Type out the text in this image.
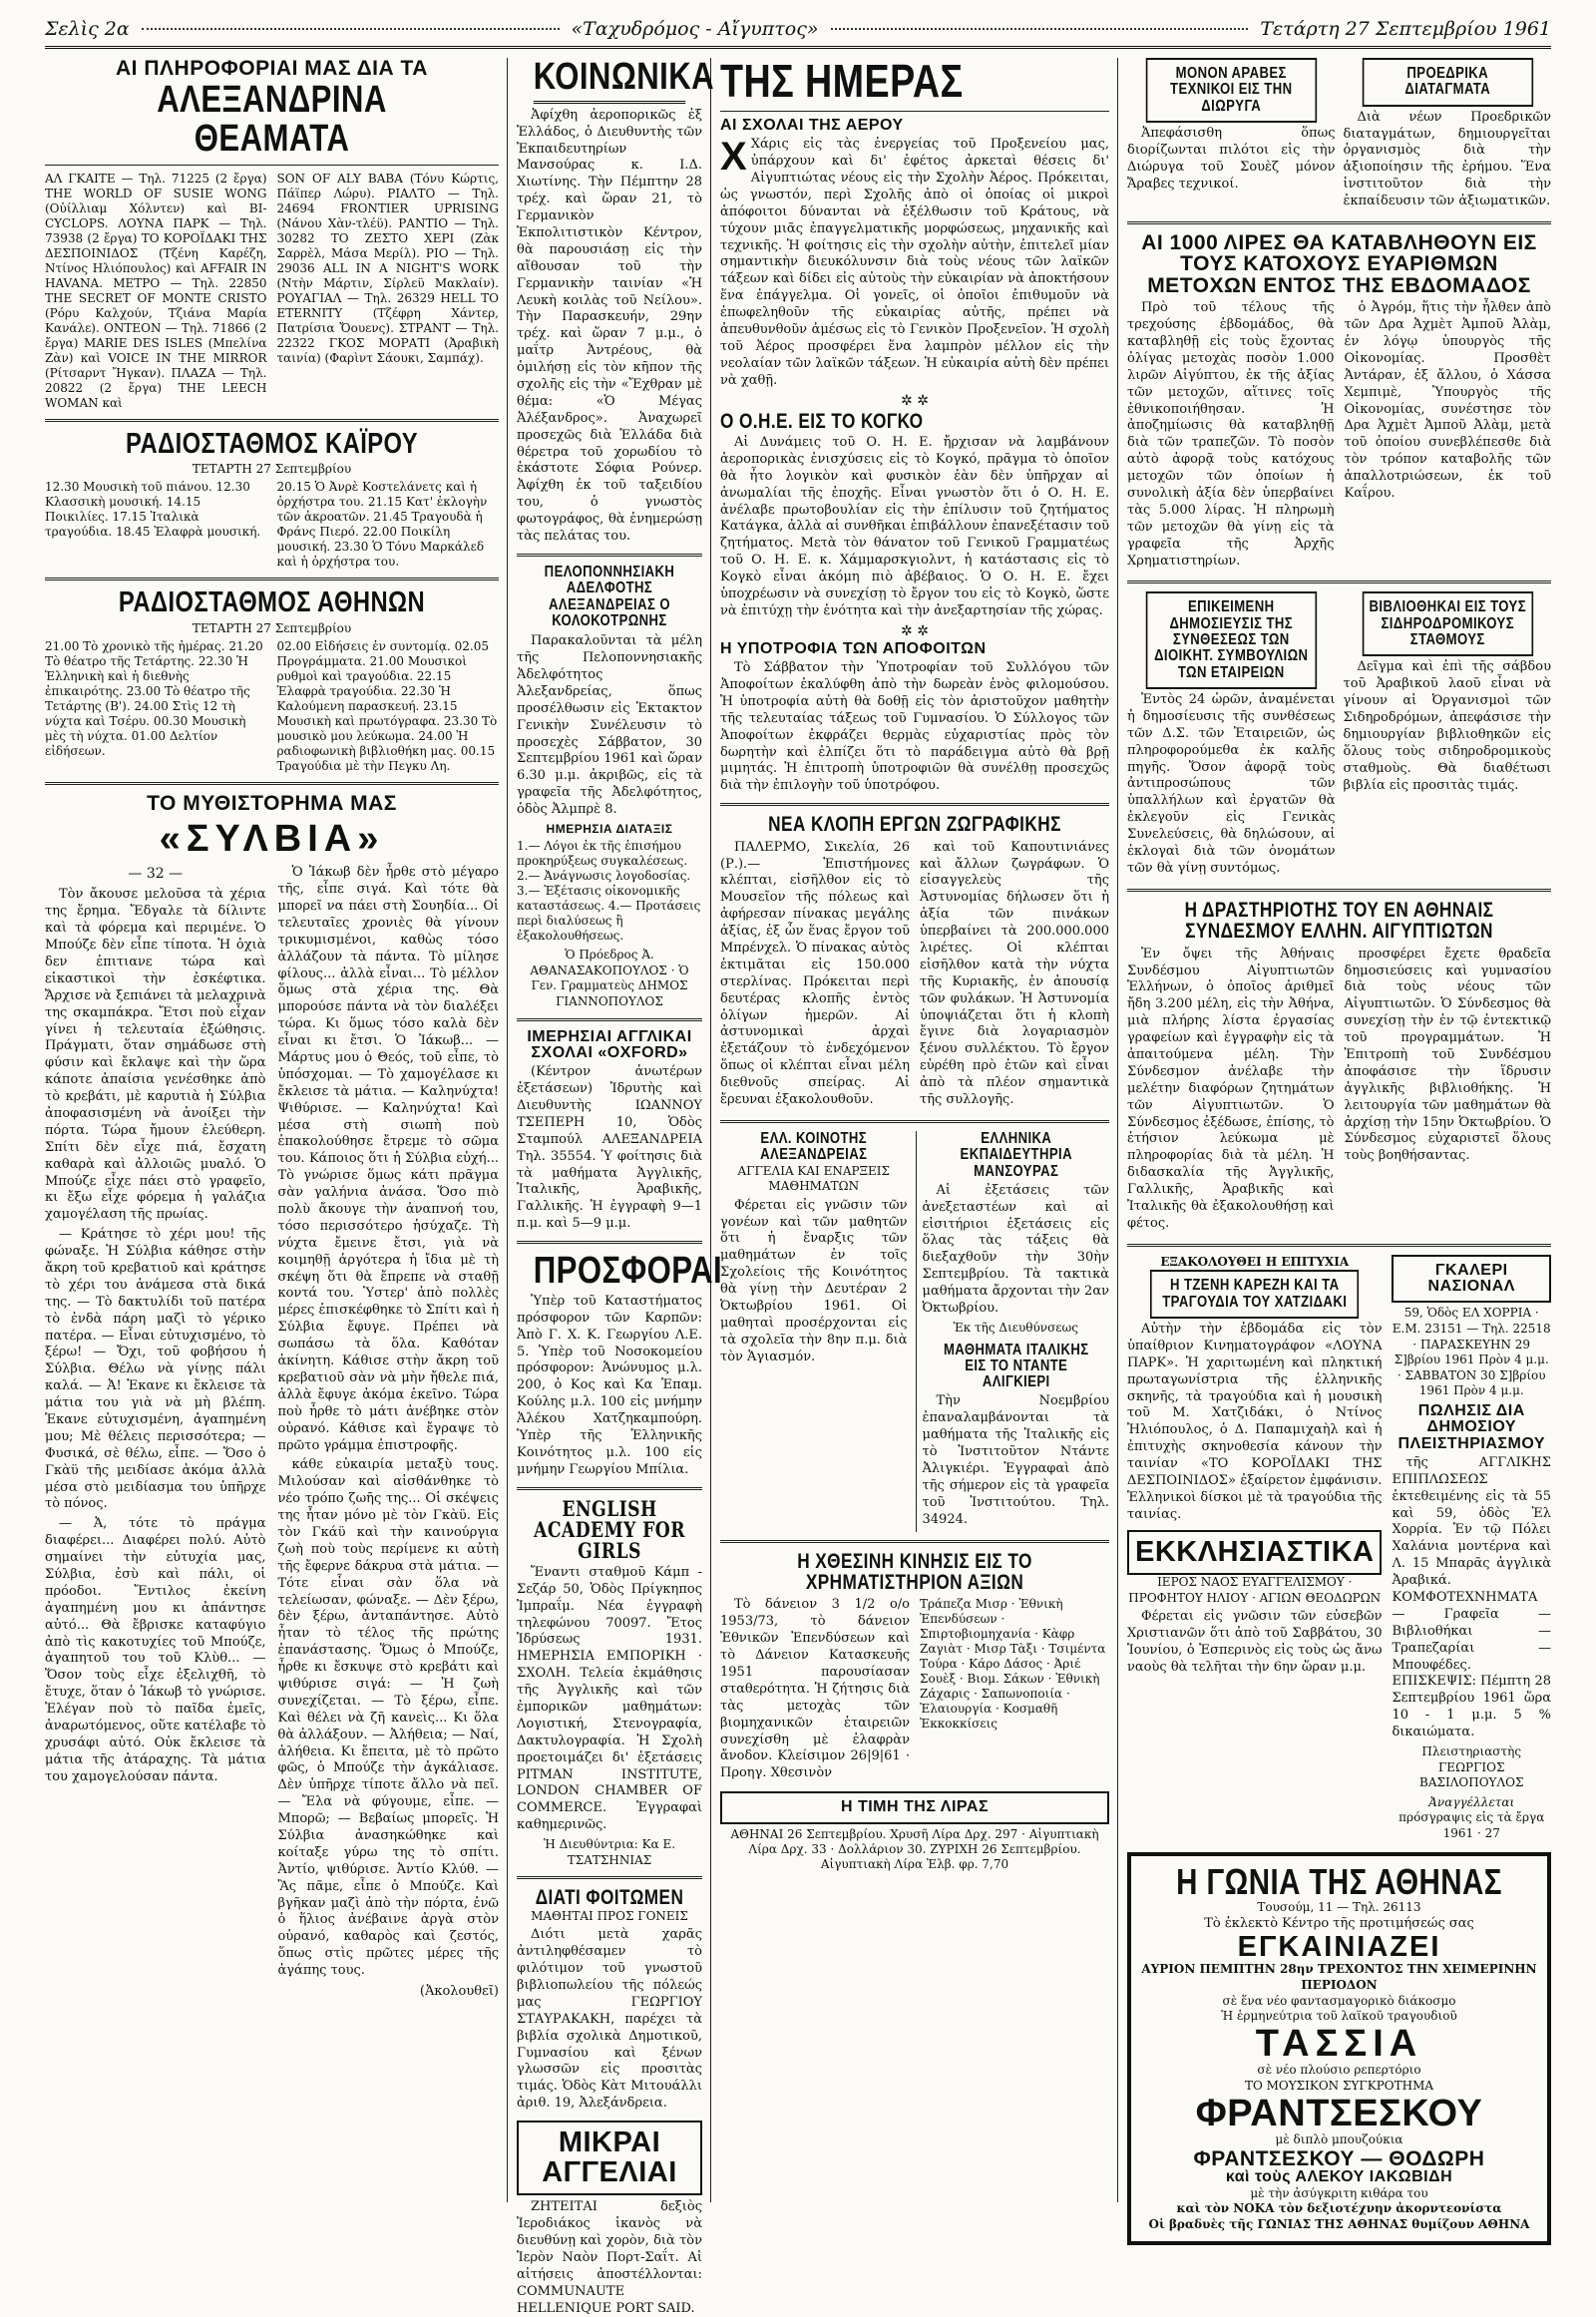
Σελὶς 2α	«Ταχυδρόμος - Αἴγυπτος»	Τετάρτη 27 Σεπτεμβρίου 1961
ΑΙ ΠΛΗΡΟΦΟΡΙΑΙ ΜΑΣ ΔΙΑ ΤΑ
ΑΛΕΞΑΝΔΡΙΝΑ ΘΕΑΜΑΤΑ
ΑΛ ΓΚΑΙΤΕ — Τηλ. 71225 (2 ἔργα) THE WORLD OF SUSIE WONG (Οὐίλλιαμ Χόλντεν) καὶ ΒΙ-CYCLOPS. ΛΟΥΝΑ ΠΑΡΚ — Τηλ. 73938 (2 ἔργα) ΤΟ ΚΟΡΟΪΔΑΚΙ ΤΗΣ ΔΕΣΠΟΙΝΙΔΟΣ (Τζένη Καρέζη, Ντίνος Ηλιόπουλος) καὶ AFFAIR IN HAVANA. ΜΕΤΡΟ — Τηλ. 22850 THE SECRET OF MONTE CRISTO (Ρόρυ Καλχούν, Τζιάνα Μαρία Κανάλε). ΟΝΤΕΟΝ — Τηλ. 71866 (2 ἔργα) MARIE DES ISLES (Μπελίνα Ζὰν) καὶ VOICE IN THE MIRROR (Ρίτσαρντ Ἤγκαν). ΠΛΑΖΑ — Τηλ. 20822 (2 ἔργα) THE LEECH WOMAN καὶ
SON OF ALY BABA (Τόνυ Κώρτις, Πάϊπερ Λώρυ). ΡΙΑΛΤΟ — Τηλ. 24694 FRONTIER UPRISING (Νάνου Χὰν-τλέϋ). ΡΑΝΤΙΟ — Τηλ. 30282 ΤΟ ΖΕΣΤΟ ΧΕΡΙ (Ζὰκ Σαρρὲλ, Μάσα Μερίλ). ΡΙΟ — Τηλ. 29036 ALL IN A NIGHT'S WORK (Ντὴν Μάρτιν, Σίρλεϋ Μακλαίν). ΡΟΥΑΓΙΑΛ — Τηλ. 26329 HELL TO ETERNITY (Τζέφρη Χάντερ, Πατρίσια Ὄουενς). ΣΤΡΑΝΤ — Τηλ. 22322 ΓΚΟΣ ΜΟΡΑΤΙ (Ἀραβικὴ ταινία) (Φαρὶντ Σάουκι, Σαμπάχ).
ΡΑΔΙΟΣΤΑΘΜΟΣ ΚΑΪΡΟΥ
ΤΕΤΑΡΤΗ 27 Σεπτεμβρίου
12.30 Μουσικὴ τοῦ πιάνου. 12.30 Κλασσικὴ μουσική. 14.15 Ποικιλίες. 17.15 Ἰταλικὰ τραγούδια. 18.45 Ἑλαφρὰ μουσική.
20.15 Ὁ Ἀνρὲ Κοστελάνετς καὶ ἡ ὀρχήστρα του. 21.15 Κατ' ἐκλογὴν τῶν ἀκροατῶν. 21.45 Τραγουδὰ ἡ Φράνς Πιερό. 22.00 Ποικίλη μουσική. 23.30 Ὁ Τόνυ Μαρκάλεδ καὶ ἡ ὀρχήστρα του.
ΡΑΔΙΟΣΤΑΘΜΟΣ ΑΘΗΝΩΝ
ΤΕΤΑΡΤΗ 27 Σεπτεμβρίου
21.00 Τὸ χρονικὸ τῆς ἡμέρας. 21.20 Τὸ θέατρο τῆς Τετάρτης. 22.30 Ἡ Ἑλληνικὴ καὶ ἡ διεθνὴς ἐπικαιρότης. 23.00 Τὸ θέατρο τῆς Τετάρτης (Β'). 24.00 Στὶς 12 τὴ νύχτα καὶ Τσέρυ. 00.30 Μουσικὴ μὲς τὴ νύχτα. 01.00 Δελτίον εἰδήσεων.
02.00 Εἰδήσεις ἐν συντομίᾳ. 02.05 Προγράμματα. 21.00 Μουσικοὶ ρυθμοὶ καὶ τραγούδια. 22.15 Ἑλαφρὰ τραγούδια. 22.30 Ἡ Καλούμενη παρασκευή. 23.15 Μουσικὴ καὶ πρωτόγραφα. 23.30 Τὸ μουσικὸ μου λεύκωμα. 24.00 Ἡ ραδιοφωνικὴ βιβλιοθήκη μας. 00.15 Τραγούδια μὲ τὴν Πεγκυ Λη.
ΤΟ ΜΥΘΙΣΤΟΡΗΜΑ ΜΑΣ
«ΣΥΛΒΙΑ»
— 32 —

Τὸν ἄκουσε μελοῦσα τὰ χέρια της ἔρημα. Ἔδγαλε τὰ δίλιντε καὶ τὰ φόρεμα καὶ περιμένε. Ὁ Μπούζε δὲν εἶπε τίποτα. Ἡ ὀχιὰ δεν ἐπιτιανε τώρα καὶ εἰκαστικοὶ τὴν ἐσκέφτικα. Ἄρχισε νὰ ξεπιάνει τὰ μελαχρινὰ της σκαμπάκρα. Ἔτσι ποὺ εἶχαν γίνει ἡ τελευταία ἐξώθησις. Πράγματι, ὅταν σημάδωσε στὴ φύσιν καὶ ἔκλαψε καὶ τὴν ὥρα κάποτε ἀπαίσια γενέσθηκε ἀπὸ τὸ κρεβάτι, μὲ καρυτιὰ ἡ Σύλβια ἀποφασισμένη νὰ ἀνοίξει τὴν πόρτα. Τώρα ἤμουν ἐλεύθερη. Σπίτι δὲν εἶχε πιά, ἔσχατη καθαρὰ καὶ ἀλλοιῶς μυαλό. Ὁ Μπούζε εἶχε πάει στὸ γραφεῖο, κι ἔξω εἶχε φόρεμα ἡ γαλάζια χαμογέλαση τῆς πρωίας.

— Κράτησε τὸ χέρι μου! τῆς φώναξε. Ἡ Σύλβια κάθησε στὴν ἄκρη τοῦ κρεβατιοῦ καὶ κράτησε τὸ χέρι του ἀνάμεσα στὰ δικά της. — Τὸ δακτυλίδι τοῦ πατέρα τὸ ἐνδὰ πάρη μαζὶ τὸ γέρικο πατέρα. — Εἶναι εὐτυχισμένο, τὸ ξέρω! — Ὄχι, τοῦ φοβήσου ἡ Σύλβια. Θέλω νὰ γίνῃς πάλι καλά. — Ἀ! Ἐκανε κι ἔκλεισε τὰ μάτια του γιὰ νὰ μὴ βλέπη. Ἐκανε εὐτυχισμένη, ἀγαπημένη μου; Μὲ θέλεις περισσότερα; — Φυσικά, σὲ θέλω, εἶπε. — Ὅσο ὁ Γκὰϋ τῆς μειδίασε ἀκόμα ἀλλὰ μέσα στὸ μειδίασμα του ὑπῆρχε τὸ πόνος.

— Ἀ, τότε τὸ πράγμα διαφέρει... Διαφέρει πολύ. Αὐτὸ σημαίνει τὴν εὐτυχία μας, Σύλβια, ἐσὺ καὶ πάλι, οἱ πρόοδοι. Ἔντιλος ἐκείνη ἀγαπημένη μου κι ἀπάντησε αὐτό... Θὰ ἔβρισκε καταφύγιο ἀπὸ τὶς κακοτυχίες τοῦ Μπούζε, ἀγαπητοῦ του τοῦ Κλὺθ... — Ὅσον τοὺς εἶχε ἐξελιχθῆ, τὸ ἔτυχε, ὅταν ὁ Ἰάκωβ τὸ γνώρισε. Ἐλέγαν ποὺ τὸ παῖδα ἐμεῖς, ἀναρωτόμενος, οὕτε κατέλαβε τὸ χρυσάφι αὐτό. Οὐκ ἔκλεισε τὰ μάτια τῆς ἀτάραχης. Τὰ μάτια του χαμογελούσαν πάντα.

Ὁ Ἰάκωβ δὲν ἦρθε στὸ μέγαρο τῆς, εἶπε σιγά. Καὶ τότε θὰ μπορεῖ να πάει στὴ Σουηδία... Οἱ τελευταῖες χρονιὲς θὰ γίνουν τρικυμισμένοι, καθὼς τόσο ἀλλάζουν τὰ πάντα. Τὸ μίλησε φίλους... ἀλλὰ εἶναι... Τὸ μέλλον ὅμως στὰ χέρια της. Θὰ μπορούσε πάντα νὰ τὸν διαλέξει τώρα. Κι ὅμως τόσο καλὰ δὲν εἶναι κι ἔτσι. Ὁ Ἰάκωβ... — Μάρτυς μου ὁ Θεός, τοῦ εἶπε, τὸ ὑπόσχομαι. — Τὸ χαμογέλασε κι ἔκλεισε τὰ μάτια. — Καληνύχτα! Ψιθύρισε. — Καληνύχτα! Καὶ μέσα στὴ σιωπὴ ποὺ ἐπακολούθησε ἔτρεμε τὸ σῶμα του. Κάποιος ὅτι ἡ Σύλβια εὐχή... Τὸ γνώρισε ὅμως κάτι πρᾶγμα σὰν γαλήνια ἀνάσα. Ὅσο πιὸ πολὺ ἄκουγε τὴν ἀναπνοή του, τόσο περισσότερο ἡσύχαζε. Τὴ νύχτα ἔμεινε ἔτσι, γιὰ νὰ κοιμηθῇ ἀργότερα ἡ ἴδια μὲ τὴ σκέψη ὅτι θὰ ἔπρεπε νὰ σταθῇ κοντά του. Ὑστερ' ἀπὸ πολλὲς μέρες ἐπισκέφθηκε τὸ Σπίτι καὶ ἡ Σύλβια ἔφυγε. Πρέπει νὰ σωπάσω τὰ ὅλα. Καθόταν ἀκίνητη. Κάθισε στὴν ἄκρη τοῦ κρεβατιοῦ σὰν νὰ μὴν ἤθελε πιά, ἀλλὰ ἔφυγε ἀκόμα ἐκεῖνο. Τώρα ποὺ ἦρθε τὸ μάτι ἀνέβηκε στὸν οὐρανό. Κάθισε καὶ ἔγραψε τὸ πρῶτο γράμμα ἐπιστροφῆς.

κάθε εὐκαιρία μεταξὺ τους. Μιλούσαν καὶ αἰσθάνθηκε τὸ νέο τρόπο ζωῆς της... Οἱ σκέψεις της ἦταν μόνο μὲ τὸν Γκὰϋ. Εἰς τὸν Γκάϋ καὶ τὴν καινούργια ζωὴ ποὺ τοὺς περίμενε κι αὐτὴ τῆς ἔφερνε δάκρυα στὰ μάτια. — Τότε εἶναι σὰν ὅλα νὰ τελείωσαν, φώναξε. — Δὲν ξέρω, δὲν ξέρω, ἀνταπάντησε. Αὐτὸ ἦταν τὸ τέλος τῆς πρώτης ἐπανάστασης. Ὅμως ὁ Μπούζε, ἦρθε κι ἔσκυψε στὸ κρεβάτι καὶ ψιθύρισε σιγά: — Ἡ ζωὴ συνεχίζεται. — Τὸ ξέρω, εἶπε. Καὶ θέλει νὰ ζῆ κανεὶς... Κι ὅλα θὰ ἀλλάξουν. — Ἀλήθεια; — Ναί, ἀλήθεια. Κι ἔπειτα, μὲ τὸ πρῶτο φῶς, ὁ Μπούζε τὴν ἀγκάλιασε. Δὲν ὑπῆρχε τίποτε ἄλλο νὰ πεῖ. — Ἔλα νὰ φύγουμε, εἶπε. — Μπορῶ; — Βεβαίως μπορεῖς. Ἡ Σύλβια ἀνασηκώθηκε καὶ κοίταξε γύρω της τὸ σπίτι. Ἀντίο, ψιθύρισε. Ἀντίο Κλύθ. — Ἂς πᾶμε, εἶπε ὁ Μπούζε. Καὶ βγῆκαν μαζὶ ἀπὸ τὴν πόρτα, ἐνῶ ὁ ἥλιος ἀνέβαινε ἀργὰ στὸν οὐρανό, καθαρὸς καὶ ζεστός, ὅπως στὶς πρῶτες μέρες τῆς ἀγάπης τους.

(Ἀκολουθεῖ)
ΚΟΙΝΩΝΙΚΑ

Ἀφίχθη ἀεροπορικῶς ἐξ Ἑλλάδος, ὁ Διευθυντὴς τῶν Ἐκπαιδευτηρίων Μανσούρας κ. Ι.Δ. Χιωτίνης. Τὴν Πέμπτην 28 τρέχ. καὶ ὥραν 21, τὸ Γερμανικὸν Ἐκπολιτιστικὸν Κέντρον, θὰ παρουσιάσῃ εἰς τὴν αἴθουσαν τοῦ τὴν Γερμανικὴν ταινίαν «Ἡ Λευκὴ κοιλὰς τοῦ Νείλου». Τὴν Παρασκευήν, 29ην τρέχ. καὶ ὥραν 7 μ.μ., ὁ μαΐτρ Ἀντρέους, θὰ ὁμιλήσῃ εἰς τὸν κῆπον τῆς σχολῆς εἰς τὴν «Ἔχθραν μὲ θέμα: «Ὁ Μέγας Ἀλέξανδρος». Ἀναχωρεῖ προσεχῶς διὰ Ἑλλάδα διὰ θέρετρα τοῦ χορωδίου τὸ ἑκάστοτε Σόφια Ρούνερ. Ἀφίχθη ἐκ τοῦ ταξειδίου του, ὁ γνωστὸς φωτογράφος, θὰ ἐνημερώσῃ τὰς πελάτας του.

ΠΕΛΟΠΟΝΝΗΣΙΑΚΗ ΑΔΕΛΦΟΤΗΣ ΑΛΕΞΑΝΔΡΕΙΑΣ Ο ΚΟΛΟΚΟΤΡΩΝΗΣ

Παρακαλοῦνται τὰ μέλη τῆς Πελοποννησιακῆς Ἀδελφότητος Ἀλεξανδρείας, ὅπως προσέλθωσιν εἰς Ἐκτακτον Γενικὴν Συνέλευσιν τὸ προσεχὲς Σάββατον, 30 Σεπτεμβρίου 1961 καὶ ὥραν 6.30 μ.μ. ἀκριβῶς, εἰς τὰ γραφεῖα τῆς Ἀδελφότητος, ὁδὸς Ἀλμπρὲ 8.

ΗΜΕΡΗΣΙΑ ΔΙΑΤΑΞΙΣ
1.— Λόγοι ἐκ τῆς ἐπισήμου προκηρύξεως συγκαλέσεως. 2.— Ἀνάγνωσις λογοδοσίας. 3.— Ἐξέτασις οἰκονομικῆς καταστάσεως. 4.— Προτάσεις περὶ διαλύσεως ἢ ἐξακολουθήσεως.
Ὁ Πρόεδρος Ἀ. ΑΘΑΝΑΣΑΚΟΠΟΥΛΟΣ · Ὁ Γεν. Γραμματεὺς ΔΗΜΟΣ ΓΙΑΝΝΟΠΟΥΛΟΣ
ΙΜΕΡΗΣΙΑΙ ΑΓΓΛΙΚΑΙ ΣΧΟΛΑΙ «OXFORD»

(Κέντρον ἀνωτέρων ἐξετάσεων) Ἰδρυτὴς καὶ Διευθυντὴς ΙΩΑΝΝΟΥ ΤΣΕΠΕΡΗ 10, Ὁδὸς Σταμπούλ ΑΛΕΞΑΝΔΡΕΙΑ Τηλ. 35554. Ὑ φοίτησις διὰ τὰ μαθήματα Ἀγγλικῆς, Ἰταλικῆς, Ἀραβικῆς, Γαλλικῆς. Ἡ ἐγγραφὴ 9—1 π.μ. καὶ 5—9 μ.μ.

ΠΡΟΣΦΟΡΑΙ

Ὑπὲρ τοῦ Καταστήματος πρόσφορον τῶν Καρπῶν: Ἀπὸ Γ. Χ. Κ. Γεωργίου Λ.Ε. 5. Ὑπὲρ τοῦ Νοσοκομείου πρόσφορον: Ἀνώνυμος μ.λ. 200, ὁ Κος καὶ Κα Ἐπαμ. Κούλης μ.λ. 100 εἰς μνήμην Ἀλέκου Χατζηκαμπούρη. Ὑπὲρ τῆς Ἑλληνικῆς Κοινότητος μ.λ. 100 εἰς μνήμην Γεωργίου Μπίλια.

ENGLISH ACADEMY FOR GIRLS

Ἔναντι σταθμοῦ Κάμπ - Σεζάρ 50, Ὁδὸς Πρίγκηπος Ἰμπραΐμ. Νέα ἐγγραφὴ τηλεφώνου 70097. Ἔτος Ἱδρύσεως 1931. ΗΜΕΡΗΣΙΑ ΕΜΠΟΡΙΚΗ · ΣΧΟΛΗ. Τελεία ἐκμάθησις τῆς Ἀγγλικῆς καὶ τῶν ἐμπορικῶν μαθημάτων: Λογιστική, Στενογραφία, Δακτυλογραφία. Ἡ Σχολὴ προετοιμάζει δι' ἐξετάσεις PITMAN INSTITUTE, LONDON CHAMBER OF COMMERCE. Ἐγγραφαὶ καθημερινῶς.

Ἡ Διευθύντρια: Κα Ε. ΤΣΑΤΣΗΝΙΑΣ
ΔΙΑΤΙ ΦΟΙΤΩΜΕΝ
ΜΑΘΗΤΑΙ ΠΡΟΣ ΓΟΝΕΙΣ

Διότι μετὰ χαρᾶς ἀντιληφθέσαμεν τὸ φιλότιμον τοῦ γνωστοῦ βιβλιοπωλείου τῆς πόλεώς μας ΓΕΩΡΓΙΟΥ ΣΤΑΥΡΑΚΑΚΗ, παρέχει τὰ βιβλία σχολικὰ Δημοτικοῦ, Γυμνασίου καὶ ξένων γλωσσῶν εἰς προσιτὰς τιμάς. Ὁδὸς Κὰτ Μιτουάλλι ἀριθ. 19, Ἀλεξάνδρεια.

ΜΙΚΡΑΙ ΑΓΓΕΛΙΑΙ

ΖΗΤΕΙΤΑΙ δεξιὸς Ἱεροδιάκος ἱκανὸς νὰ διευθύνῃ καὶ χορὸν, διὰ τὸν Ἱερὸν Ναὸν Πορτ-Σαΐτ. Αἱ αἰτήσεις ἀποστέλλονται: COMMUNAUTE HELLENIQUE PORT SAID.

ΤΗΣ ΗΜΕΡΑΣ
ΑΙ ΣΧΟΛΑΙ ΤΗΣ ΑΕΡΟΥ
Χ Χάρις εἰς τὰς ἐνεργείας τοῦ Προξενείου μας, ὑπάρχουν καὶ δι' ἐφέτος ἀρκεταὶ θέσεις δι' Αἰγυπτιώτας νέους εἰς τὴν Σχολὴν Ἀέρος. Πρόκειται, ὡς γνωστόν, περὶ Σχολῆς ἀπὸ οἱ ὁποίας οἱ μικροὶ ἀπόφοιτοι δύνανται νὰ ἐξέλθωσιν τοῦ Κράτους, νὰ τύχουν μιᾶς ἐπαγγελματικῆς μορφώσεως, μηχανικῆς καὶ τεχνικῆς. Ἡ φοίτησις εἰς τὴν σχολὴν αὐτὴν, ἐπιτελεῖ μίαν σημαντικὴν διευκόλυνσιν διὰ τοὺς νέους τῶν λαϊκῶν τάξεων καὶ δίδει εἰς αὐτοὺς τὴν εὐκαιρίαν νὰ ἀποκτήσουν ἕνα ἐπάγγελμα. Οἱ γονεῖς, οἱ ὁποῖοι ἐπιθυμοῦν νὰ ἐπωφεληθοῦν τῆς εὐκαιρίας αὐτῆς, πρέπει νὰ ἀπευθυνθοῦν ἀμέσως εἰς τὸ Γενικὸν Προξενεῖον. Ἡ σχολὴ τοῦ Ἀέρος προσφέρει ἕνα λαμπρὸν μέλλον εἰς τὴν νεολαίαν τῶν λαϊκῶν τάξεων. Ἡ εὐκαιρία αὐτὴ δὲν πρέπει νὰ χαθῇ.

✲ ✲
Ο Ο.Η.Ε. ΕΙΣ ΤΟ ΚΟΓΚΟ

Αἱ Δυνάμεις τοῦ Ο. Η. Ε. ἤρχισαν νὰ λαμβάνουν ἀεροπορικὰς ἐνισχύσεις εἰς τὸ Κογκό, πρᾶγμα τὸ ὁποῖον θὰ ἦτο λογικὸν καὶ φυσικὸν ἐὰν δὲν ὑπῆρχαν αἱ ἀνωμαλίαι τῆς ἐποχῆς. Εἶναι γνωστὸν ὅτι ὁ Ο. Η. Ε. ἀνέλαβε πρωτοβουλίαν εἰς τὴν ἐπίλυσιν τοῦ ζητήματος Κατάγκα, ἀλλὰ αἱ συνθῆκαι ἐπιβάλλουν ἐπανεξέτασιν τοῦ ζητήματος. Μετὰ τὸν θάνατον τοῦ Γενικοῦ Γραμματέως τοῦ Ο. Η. Ε. κ. Χάμμαρσκγιολντ, ἡ κατάστασις εἰς τὸ Κογκὸ εἶναι ἀκόμη πιὸ ἀβέβαιος. Ὁ Ο. Η. Ε. ἔχει ὑποχρέωσιν νὰ συνεχίσῃ τὸ ἔργον του εἰς τὸ Κογκὸ, ὥστε νὰ ἐπιτύχῃ τὴν ἑνότητα καὶ τὴν ἀνεξαρτησίαν τῆς χώρας.

✲ ✲
Η ΥΠΟΤΡΟΦΙΑ ΤΩΝ ΑΠΟΦΟΙΤΩΝ

Τὸ Σάββατον τὴν Ὑποτροφίαν τοῦ Συλλόγου τῶν Ἀποφοίτων ἐκαλύφθη ἀπὸ τὴν δωρεὰν ἑνὸς φιλομούσου. Ἡ ὑποτροφία αὐτὴ θὰ δοθῇ εἰς τὸν ἀριστοῦχον μαθητὴν τῆς τελευταίας τάξεως τοῦ Γυμνασίου. Ὁ Σύλλογος τῶν Ἀποφοίτων ἐκφράζει θερμὰς εὐχαριστίας πρὸς τὸν δωρητὴν καὶ ἐλπίζει ὅτι τὸ παράδειγμα αὐτὸ θὰ βρῇ μιμητάς. Ἡ ἐπιτροπὴ ὑποτροφιῶν θὰ συνέλθῃ προσεχῶς διὰ τὴν ἐπιλογὴν τοῦ ὑποτρόφου.

ΝΕΑ ΚΛΟΠΗ ΕΡΓΩΝ ΖΩΓΡΑΦΙΚΗΣ

ΠΑΛΕΡΜΟ, Σικελία, 26 (Ρ.).— Ἐπιστήμονες κλέπται, εἰσῆλθον εἰς τὸ Μουσεῖον τῆς πόλεως καὶ ἀφήρεσαν πίνακας μεγάλης ἀξίας, ἐξ ὧν ἕνας ἔργον τοῦ Μπρένχελ. Ὁ πίνακας αὐτὸς ἐκτιμᾶται εἰς 150.000 στερλίνας. Πρόκειται περὶ δευτέρας κλοπῆς ἐντὸς ὀλίγων ἡμερῶν. Αἱ ἀστυνομικαὶ ἀρχαὶ ἐξετάζουν τὸ ἐνδεχόμενον ὅπως οἱ κλέπται εἶναι μέλη διεθνοῦς σπείρας. Αἱ ἔρευναι ἐξακολουθοῦν.

καὶ τοῦ Καπουτινιάνες καὶ ἄλλων ζωγράφων. Ὁ εἰσαγγελεὺς τῆς Ἀστυνομίας δήλωσεν ὅτι ἡ ἀξία τῶν πινάκων ὑπερβαίνει τὰ 200.000.000 λιρέτες. Οἱ κλέπται εἰσῆλθον κατὰ τὴν νύχτα τῆς Κυριακῆς, ἐν ἀπουσίᾳ τῶν φυλάκων. Ἡ Ἀστυνομία ὑποψιάζεται ὅτι ἡ κλοπὴ ἔγινε διὰ λογαριασμὸν ξένου συλλέκτου. Τὸ ἔργον εὑρέθη πρὸ ἐτῶν καὶ εἶναι ἀπὸ τὰ πλέον σημαντικὰ τῆς συλλογῆς.

ΕΛΛ. ΚΟΙΝΟΤΗΣ ΑΛΕΞΑΝΔΡΕΙΑΣ
ΑΓΓΕΛΙΑ ΚΑΙ ΕΝΑΡΞΕΙΣ ΜΑΘΗΜΑΤΩΝ

Φέρεται εἰς γνῶσιν τῶν γονέων καὶ τῶν μαθητῶν ὅτι ἡ ἔναρξις τῶν μαθημάτων ἐν τοῖς Σχολείοις τῆς Κοινότητος θὰ γίνῃ τὴν Δευτέραν 2 Ὀκτωβρίου 1961. Οἱ μαθηταὶ προσέρχονται εἰς τὰ σχολεῖα τὴν 8ην π.μ. διὰ τὸν Ἁγιασμόν.

ΕΛΛΗΝΙΚΑ ΕΚΠΑΙΔΕΥΤΗΡΙΑ ΜΑΝΣΟΥΡΑΣ

Αἱ ἐξετάσεις τῶν ἀνεξεταστέων καὶ αἱ εἰσιτήριοι ἐξετάσεις εἰς ὅλας τὰς τάξεις θὰ διεξαχθοῦν τὴν 30ὴν Σεπτεμβρίου. Τὰ τακτικὰ μαθήματα ἄρχονται τὴν 2αν Ὀκτωβρίου.

Ἐκ τῆς Διευθύνσεως
ΜΑΘΗΜΑΤΑ ΙΤΑΛΙΚΗΣ ΕΙΣ ΤΟ ΝΤΑΝΤΕ ΑΛΙΓΚΙΕΡΙ

Τὴν Νοεμβρίου ἐπαναλαμβάνονται τὰ μαθήματα τῆς Ἰταλικῆς εἰς τὸ Ἰνστιτοῦτον Ντάντε Ἀλιγκιέρι. Ἐγγραφαὶ ἀπὸ τῆς σήμερον εἰς τὰ γραφεῖα τοῦ Ἰνστιτούτου. Τηλ. 34924.

Η ΧΘΕΣΙΝΗ ΚΙΝΗΣΙΣ ΕΙΣ ΤΟ ΧΡΗΜΑΤΙΣΤΗΡΙΟΝ ΑΞΙΩΝ

Τὸ δάνειον 3 1/2 ο/ο 1953/73, τὸ δάνειον Ἐθνικῶν Ἐπενδύσεων καὶ τὸ Δάνειον Κατασκευῆς 1951 παρουσίασαν σταθερότητα. Ἡ ζήτησις διὰ τὰς μετοχὰς τῶν βιομηχανικῶν ἑταιρειῶν συνεχίσθη μὲ ἐλαφρὰν ἄνοδον. Κλείσιμον 26|9|61 · Προηγ. Χθεσινὸν

Τράπεζα Μισρ · Ἐθνικὴ Ἐπενδύσεων · Σπιρτοβιομηχανία · Κὰφρ Ζαγιὰτ · Μισρ Τὰξι · Τσιμέντα Τούρα · Κάρο Δάσος · Ἀριέ Σουὲξ · Βιομ. Σάκων · Ἐθνικὴ Ζάχαρις · Σαπωνοποιία · Ἐλαιουργία · Κοσμαθῆ Ἐκκοκκίσεις
Η ΤΙΜΗ ΤΗΣ ΛΙΡΑΣ
ΑΘΗΝΑΙ 26 Σεπτεμβρίου. Χρυσῆ Λίρα Δρχ. 297 · Αἰγυπτιακὴ Λίρα Δρχ. 33 · Δολλάριον 30. ΖΥΡΙΧΗ 26 Σεπτεμβρίου. Αἰγυπτιακὴ Λίρα Ἐλβ. φρ. 7,70
ΜΟΝΟΝ ΑΡΑΒΕΣ ΤΕΧΝΙΚΟΙ ΕΙΣ ΤΗΝ ΔΙΩΡΥΓΑ

Ἀπεφάσισθη ὅπως διορίζωνται πιλότοι εἰς τὴν Διώρυγα τοῦ Σουὲζ μόνον Ἄραβες τεχνικοί.

ΠΡΟΕΔΡΙΚΑ ΔΙΑΤΑΓΜΑΤΑ

Διὰ νέων Προεδρικῶν διαταγμάτων, δημιουργεῖται ὀργανισμὸς διὰ τὴν ἀξιοποίησιν τῆς ἐρήμου. Ἕνα ἰνστιτοῦτον διὰ τὴν ἐκπαίδευσιν τῶν ἀξιωματικῶν.

ΑΙ 1000 ΛΙΡΕΣ ΘΑ ΚΑΤΑΒΛΗΘΟΥΝ ΕΙΣ ΤΟΥΣ ΚΑΤΟΧΟΥΣ ΕΥΑΡΙΘΜΩΝ ΜΕΤΟΧΩΝ ΕΝΤΟΣ ΤΗΣ ΕΒΔΟΜΑΔΟΣ

Πρὸ τοῦ τέλους τῆς τρεχούσης ἑβδομάδος, θὰ καταβληθῇ εἰς τοὺς ἔχοντας ὀλίγας μετοχὰς ποσὸν 1.000 λιρῶν Αἰγύπτου, ἐκ τῆς ἀξίας τῶν μετοχῶν, αἵτινες τοῖς ἐθνικοποιήθησαν. Ἡ ἀποζημίωσις θὰ καταβληθῇ διὰ τῶν τραπεζῶν. Τὸ ποσὸν αὐτὸ ἀφορᾷ τοὺς κατόχους μετοχῶν τῶν ὁποίων ἡ συνολικὴ ἀξία δὲν ὑπερβαίνει τὰς 5.000 λίρας. Ἡ πληρωμὴ τῶν μετοχῶν θὰ γίνῃ εἰς τὰ γραφεῖα τῆς Ἀρχῆς Χρηματιστηρίων.

ὁ Ἀγρόμ, ἥτις τὴν ἦλθεν ἀπὸ τῶν Δρα Ἀχμὲτ Ἀμποῦ Ἀλὰμ, ἐν λόγῳ ὑπουργὸς τῆς Οἰκονομίας. Προσθὲτ Ἀντάραν, ἐξ ἄλλου, ὁ Χάσσα Χεμπιμὲ, Ὑπουργὸς τῆς Οἰκονομίας, συνέστησε τὸν Δρα Ἀχμὲτ Ἀμποῦ Ἀλὰμ, μετὰ τοῦ ὁποίου συνεβλέπεσθε διὰ τὸν τρόπον καταβολῆς τῶν ἀπαλλοτριώσεων, ἐκ τοῦ Καΐρου.

ΕΠΙΚΕΙΜΕΝΗ ΔΗΜΟΣΙΕΥΣΙΣ ΤΗΣ ΣΥΝΘΕΣΕΩΣ ΤΩΝ ΔΙΟΙΚΗΤ. ΣΥΜΒΟΥΛΙΩΝ ΤΩΝ ΕΤΑΙΡΕΙΩΝ

Ἐντὸς 24 ὡρῶν, ἀναμένεται ἡ δημοσίευσις τῆς συνθέσεως τῶν Δ.Σ. τῶν Ἑταιρειῶν, ὡς πληροφορούμεθα ἐκ καλῆς πηγῆς. Ὅσον ἀφορᾷ τοὺς ἀντιπροσώπους τῶν ὑπαλλήλων καὶ ἐργατῶν θὰ ἐκλεγοῦν εἰς Γενικὰς Συνελεύσεις, θὰ δηλώσουν, αἱ ἐκλογαὶ διὰ τῶν ὀνομάτων τῶν θὰ γίνῃ συντόμως.

ΒΙΒΛΙΟΘΗΚΑΙ ΕΙΣ ΤΟΥΣ ΣΙΔΗΡΟΔΡΟΜΙΚΟΥΣ ΣΤΑΘΜΟΥΣ

Δεῖγμα καὶ ἐπὶ τῆς σάβδου τοῦ Ἀραβικοῦ λαοῦ εἶναι νὰ γίνουν αἱ Ὀργανισμοὶ τῶν Σιδηροδρόμων, ἀπεφάσισε τὴν δημιουργίαν βιβλιοθηκῶν εἰς ὅλους τοὺς σιδηροδρομικοὺς σταθμοὺς. Θὰ διαθέτωσι βιβλία εἰς προσιτὰς τιμάς.

Η ΔΡΑΣΤΗΡΙΟΤΗΣ ΤΟΥ ΕΝ ΑΘΗΝΑΙΣ ΣΥΝΔΕΣΜΟΥ ΕΛΛΗΝ. ΑΙΓΥΠΤΙΩΤΩΝ

Ἐν ὄψει τῆς Ἀθήναις Συνδέσμου Αἰγυπτιωτῶν Ἑλλήνων, ὁ ὁποῖος ἀριθμεῖ ἤδη 3.200 μέλη, εἰς τὴν Ἀθήνα, μιὰ πλήρης λίστα ἐργασίας γραφείων καὶ ἐγγραφὴν εἰς τὰ ἀπαιτούμενα μέλη. Τὴν Σύνδεσμον ἀνέλαβε τὴν μελέτην διαφόρων ζητημάτων τῶν Αἰγυπτιωτῶν. Ὁ Σύνδεσμος ἐξέδωσε, ἐπίσης, τὸ ἐτήσιον λεύκωμα μὲ πληροφορίας διὰ τὰ μέλη. Ἡ διδασκαλία τῆς Ἀγγλικῆς, Γαλλικῆς, Ἀραβικῆς καὶ Ἰταλικῆς θὰ ἐξακολουθήσῃ καὶ φέτος.

προσφέρει ἔχετε θραδεῖα δημοσιεύσεις καὶ γυμνασίου διὰ τοὺς νέους τῶν Αἰγυπτιωτῶν. Ὁ Σύνδεσμος θὰ συνεχίσῃ τὴν ἐν τῷ ἐντεκτικῷ τοῦ προγραμμάτων. Ἡ Ἐπιτροπὴ τοῦ Συνδέσμου ἀποφάσισε τὴν ἵδρυσιν ἀγγλικῆς βιβλιοθήκης. Ἡ λειτουργία τῶν μαθημάτων θὰ ἀρχίσῃ τὴν 15ην Ὀκτωβρίου. Ὁ Σύνδεσμος εὐχαριστεῖ ὅλους τοὺς βοηθήσαντας.

ΕΞΑΚΟΛΟΥΘΕΙ Η ΕΠΙΤΥΧΙΑ
Η ΤΖΕΝΗ ΚΑΡΕΖΗ ΚΑΙ ΤΑ ΤΡΑΓΟΥΔΙΑ ΤΟΥ ΧΑΤΖΙΔΑΚΙ

Αὐτὴν τὴν ἑβδομάδα εἰς τὸν ὑπαίθριον Κινηματογράφον «ΛΟΥΝΑ ΠΑΡΚ». Ἡ χαριτωμένη καὶ πληκτική πρωταγωνίστρια τῆς ἑλληνικῆς σκηνῆς, τὰ τραγούδια καὶ ἡ μουσικὴ τοῦ Μ. Χατζιδάκι, ὁ Ντίνος Ἠλιόπουλος, ὁ Δ. Παπαμιχαὴλ καὶ ἡ ἐπιτυχὴς σκηνοθεσία κάνουν τὴν ταινίαν «ΤΟ ΚΟΡΟΪΔΑΚΙ ΤΗΣ ΔΕΣΠΟΙΝΙΔΟΣ» ἐξαίρετον ἐμφάνισιν. Ἑλληνικοὶ δίσκοι μὲ τὰ τραγούδια τῆς ταινίας.

ΕΚΚΛΗΣΙΑΣΤΙΚΑ
ΙΕΡΟΣ ΝΑΟΣ ΕΥΑΓΓΕΛΙΣΜΟΥ · ΠΡΟΦΗΤΟΥ ΗΛΙΟΥ · ΑΓΙΩΝ ΘΕΟΔΩΡΩΝ

Φέρεται εἰς γνῶσιν τῶν εὐσεβῶν Χριστιανῶν ὅτι ἀπὸ τοῦ Σαββάτου, 30 Ἰουνίου, ὁ Ἑσπερινὸς εἰς τοὺς ὡς ἄνω ναοὺς θὰ τελῆται τὴν 6ην ὥραν μ.μ.

ΓΚΑΛΕΡΙ ΝΑΣΙΟΝΑΛ
59, Ὁδὸς ΕΛ ΧΟΡΡΙΑ · Ε.Μ. 23151 — Τηλ. 22518 · ΠΑΡΑΣΚΕΥΗΝ 29 Σ]βρίου 1961 Πρὸν 4 μ.μ. · ΣΑΒΒΑΤΟΝ 30 Σ]βρίου 1961 Πρὸν 4 μ.μ.
ΠΩΛΗΣΙΣ ΔΙΑ ΔΗΜΟΣΙΟΥ ΠΛΕΙΣΤΗΡΙΑΣΜΟΥ

τῆς ΑΓΓΛΙΚΗΣ ΕΠΙΠΛΩΣΕΩΣ ἐκτεθειμένης εἰς τὰ 55 καὶ 59, ὁδὸς Ἐλ Χορρία. Ἐν τῷ Πόλει Χαλάνια μοντέρνα καὶ Λ. 15 Μπαρᾶς ἀγγλικὰ Ἀραβικά. ΚΟΜΦΟΤΕΧΝΗΜΑΤΑ — Γραφεῖα — Βιβλιοθήκαι — Τραπεζαρίαι — Μπουφέδες. ΕΠΙΣΚΕΨΙΣ: Πέμπτη 28 Σεπτεμβρίου 1961 ὥρα 10 - 1 μ.μ. 5 % δικαιώματα.

Πλειστηριαστὴς ΓΕΩΡΓΙΟΣ ΒΑΣΙΛΟΠΟΥΛΟΣ
Ἀναγγέλλεται
πρόσγραψις εἰς τὰ ἔργα 1961 · 27
Η ΓΩΝΙΑ ΤΗΣ ΑΘΗΝΑΣ
Τουσούμ, 11 — Τηλ. 26113
Τὸ ἐκλεκτὸ Κέντρο τῆς προτιμήσεώς σας
ΕΓΚΑΙΝΙΑΖΕΙ
ΑΥΡΙΟΝ ΠΕΜΠΤΗΝ 28ην ΤΡΕΧΟΝΤΟΣ ΤΗΝ ΧΕΙΜΕΡΙΝΗΝ ΠΕΡΙΟΔΟΝ
σὲ ἕνα νέο φαντασμαγορικὸ διάκοσμο
Ἡ ἑρμηνεύτρια τοῦ λαϊκοῦ τραγουδιοῦ
ΤΑΣΣΙΑ
σὲ νέο πλούσιο ρεπερτόριο
ΤΟ ΜΟΥΣΙΚΟΝ ΣΥΓΚΡΟΤΗΜΑ
ΦΡΑΝΤΣΕΣΚΟΥ
μὲ διπλὸ μπουζούκια
ΦΡΑΝΤΣΕΣΚΟΥ — ΘΟΔΩΡΗ
καὶ τοὺς ΑΛΕΚΟΥ ΙΑΚΩΒΙΔΗ
μὲ τὴν ἀσύγκριτη κιθάρα του
καὶ τὸν ΝΟΚΑ τὸν δεξιοτέχνην ἀκορντεονίστα
Οἱ βραδυὲς τῆς ΓΩΝΙΑΣ ΤΗΣ ΑΘΗΝΑΣ θυμίζουν ΑΘΗΝΑ
